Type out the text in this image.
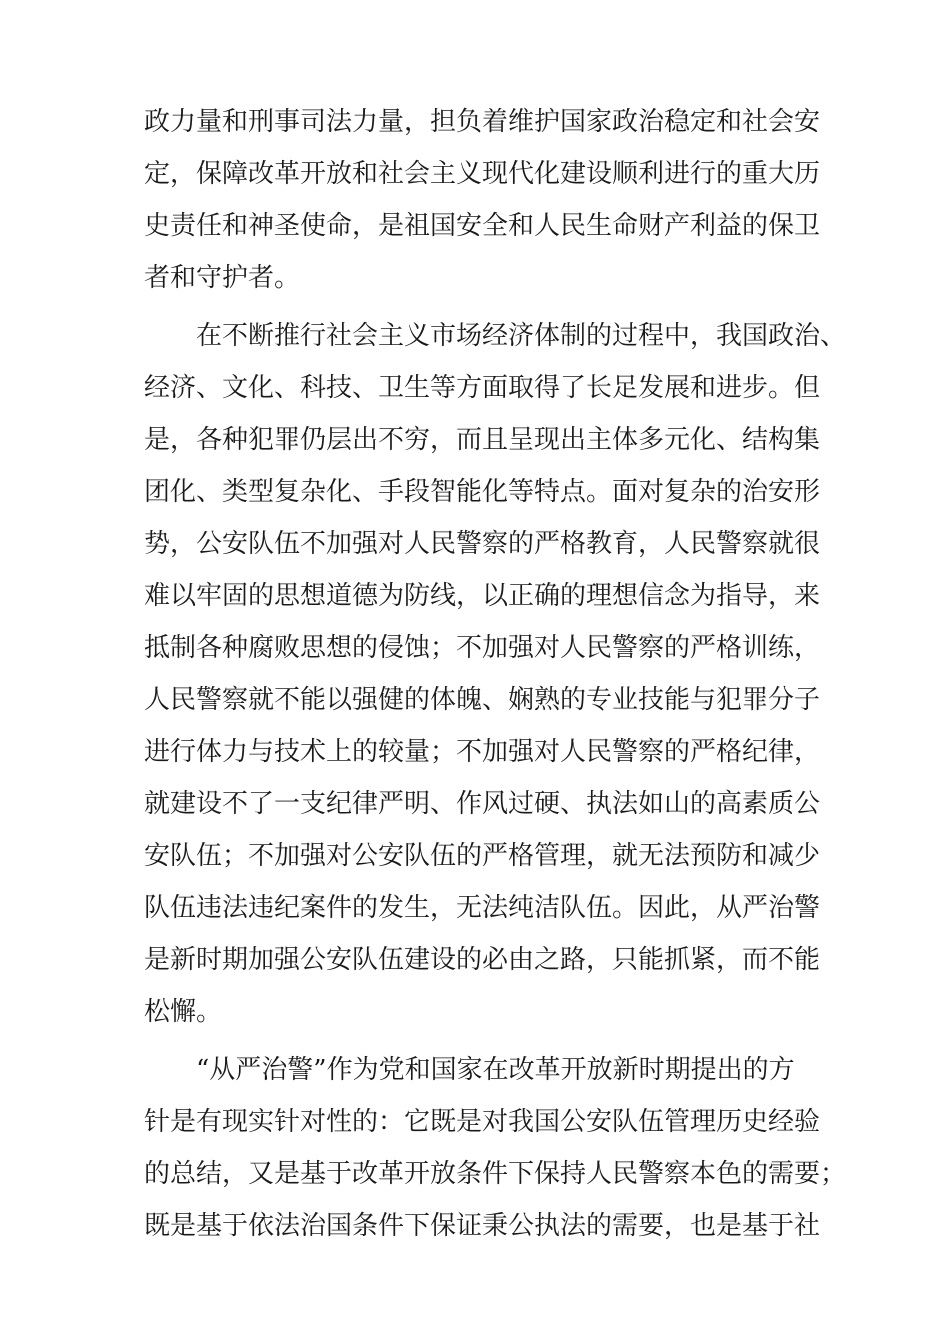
政力量和刑事司法力量，担负着维护国家政治稳定和社会安
定，保障改革开放和社会主义现代化建设顺利进行的重大历
史责任和神圣使命，是祖国安全和人民生命财产利益的保卫
者和守护者。
在不断推行社会主义市场经济体制的过程中，我国政治、
经济、文化、科技、卫生等方面取得了长足发展和进步。但
是，各种犯罪仍层出不穷，而且呈现出主体多元化、结构集
团化、类型复杂化、手段智能化等特点。面对复杂的治安形
势，公安队伍不加强对人民警察的严格教育，人民警察就很
难以牢固的思想道德为防线，以正确的理想信念为指导，来
抵制各种腐败思想的侵蚀；不加强对人民警察的严格训练，
人民警察就不能以强健的体魄、娴熟的专业技能与犯罪分子
进行体力与技术上的较量；不加强对人民警察的严格纪律，
就建设不了一支纪律严明、作风过硬、执法如山的高素质公
安队伍；不加强对公安队伍的严格管理，就无法预防和减少
队伍违法违纪案件的发生，无法纯洁队伍。因此，从严治警
是新时期加强公安队伍建设的必由之路，只能抓紧，而不能
松懈。
“从严治警”作为党和国家在改革开放新时期提出的方
针是有现实针对性的：它既是对我国公安队伍管理历史经验
的总结，又是基于改革开放条件下保持人民警察本色的需要；
既是基于依法治国条件下保证秉公执法的需要，也是基于社
